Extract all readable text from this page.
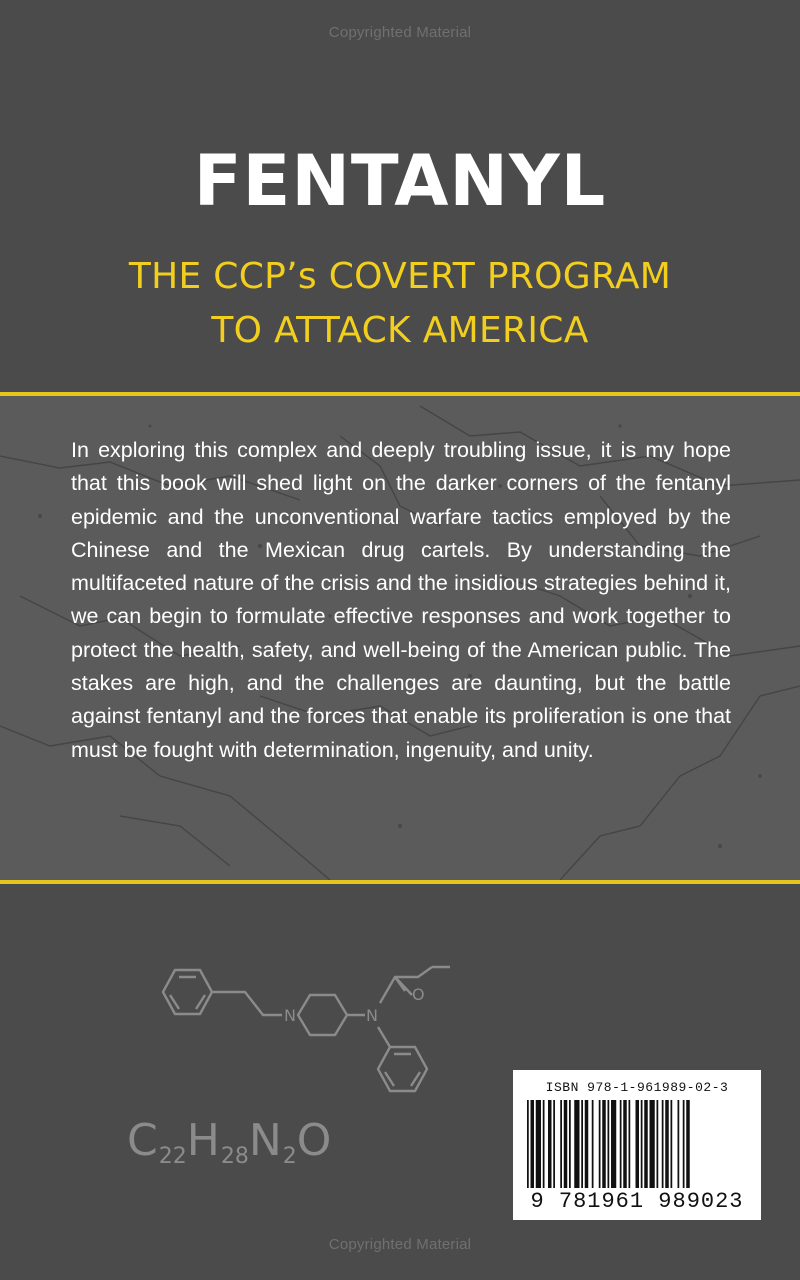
Copyrighted Material
FENTANYL
THE CCP’s COVERT PROGRAM
TO ATTACK AMERICA

In exploring this complex and deeply troubling issue, it is my hope that this book will shed light on the darker corners of the fentanyl epidemic and the unconventional warfare tactics employed by the Chinese and the Mexican drug cartels. By understanding the multifaceted nature of the crisis and the insidious strategies behind it, we can begin to formulate effective responses and work together to protect the health, safety, and well-being of the American public. The stakes are high, and the challenges are daunting, but the battle against fentanyl and the forces that enable its proliferation is one that must be fought with determination, ingenuity, and unity.

N	N
O
$C_{22}H_{28}N_2O$
ISBN 978-1-961989-02-3
9 781961 989023
Copyrighted Material
